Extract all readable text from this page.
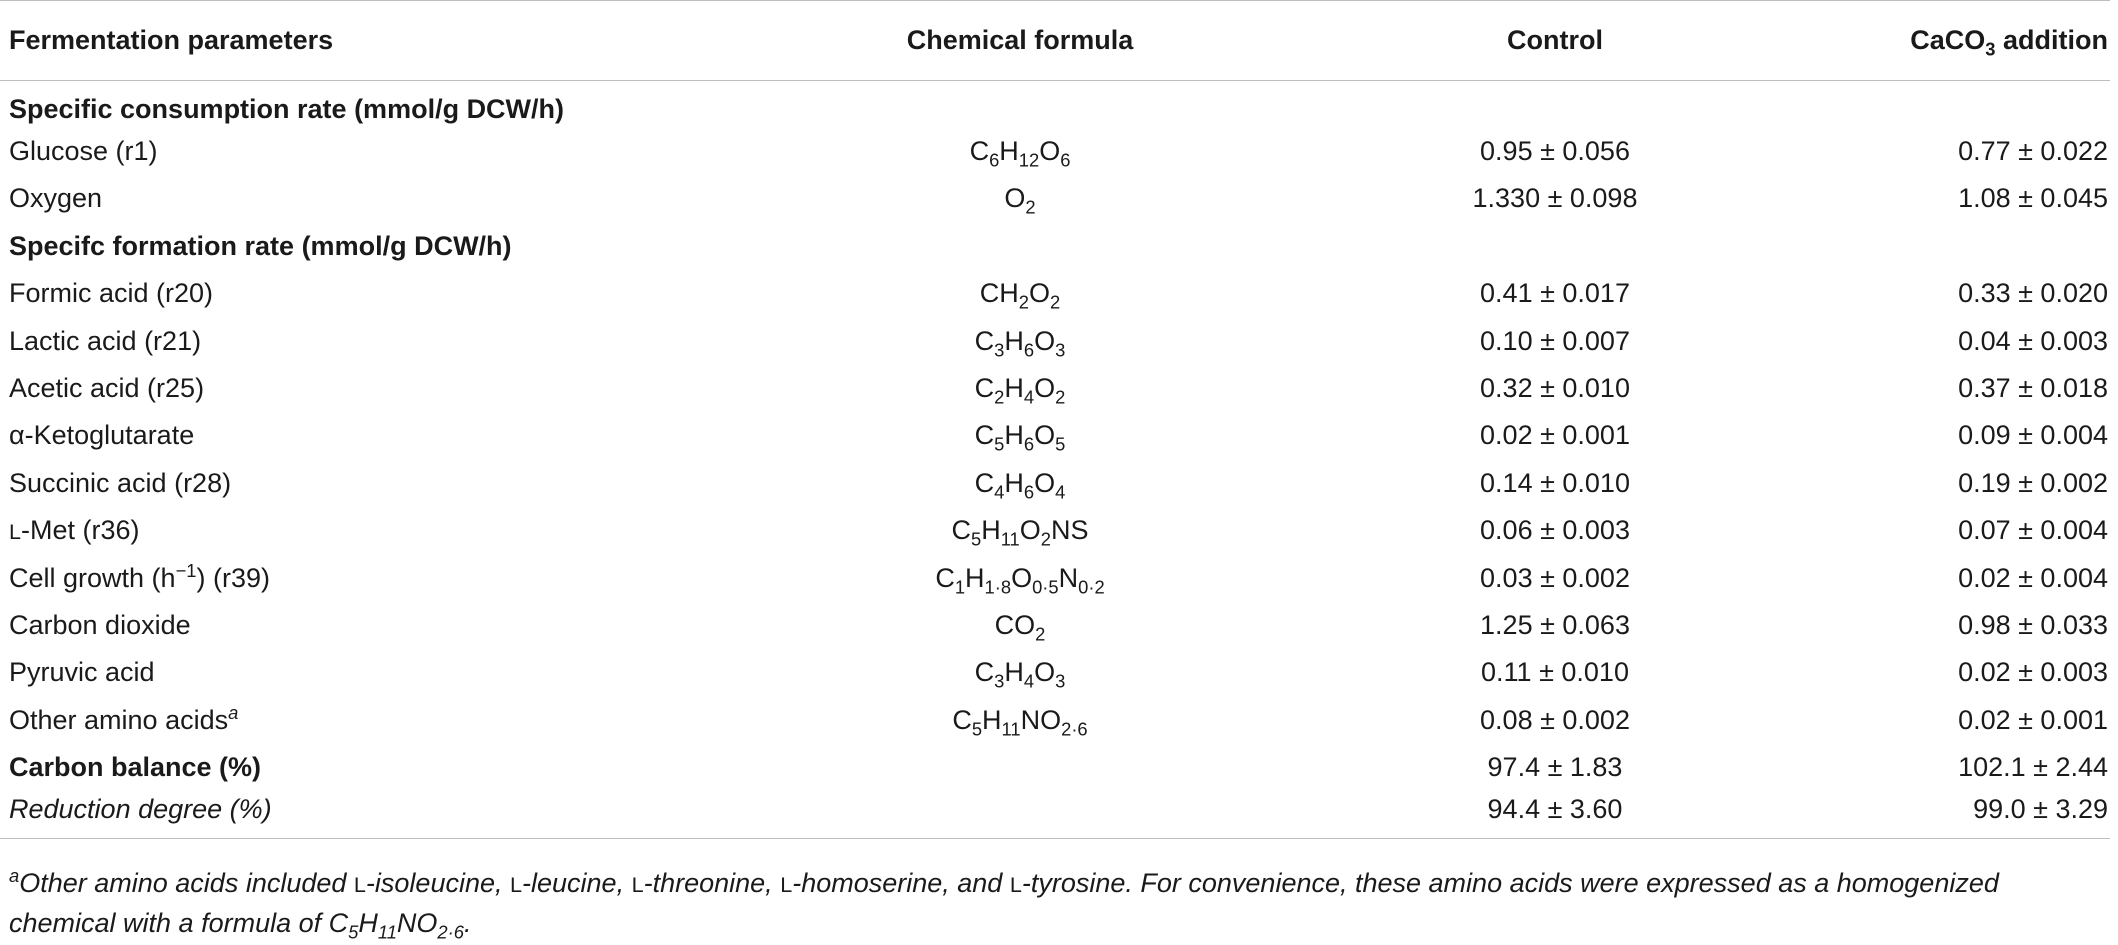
Fermentation parameters	Chemical formula	Control	CaCO$_3$ addition
Specific consumption rate (mmol/g DCW/h)			
Glucose (r1)	$C_6H_{12}O_6$	0.95 ± 0.056	0.77 ± 0.022
Oxygen	$O_2$	1.330 ± 0.098	1.08 ± 0.045
Specifc formation rate (mmol/g DCW/h)			
Formic acid (r20)	$CH_2O_2$	0.41 ± 0.017	0.33 ± 0.020
Lactic acid (r21)	$C_3H_6O_3$	0.10 ± 0.007	0.04 ± 0.003
Acetic acid (r25)	$C_2H_4O_2$	0.32 ± 0.010	0.37 ± 0.018
α-Ketoglutarate	$C_5H_6O_5$	0.02 ± 0.001	0.09 ± 0.004
Succinic acid (r28)	$C_4H_6O_4$	0.14 ± 0.010	0.19 ± 0.002
L-Met (r36)	$C_5H_{11}O_2NS$	0.06 ± 0.003	0.07 ± 0.004
Cell growth $(h^{-1})$ (r39)	$C_1H_{1\cdot 8}O_{0\cdot 5}N_{0\cdot 2}$	0.03 ± 0.002	0.02 ± 0.004
Carbon dioxide	$CO_2$	1.25 ± 0.063	0.98 ± 0.033
Pyruvic acid	$C_3H_4O_3$	0.11 ± 0.010	0.02 ± 0.003
Other amino acids$^a$	$C_5H_{11}NO_{2\cdot 6}$	0.08 ± 0.002	0.02 ± 0.001
Carbon balance (%)		97.4 ± 1.83	102.1 ± 2.44
Reduction degree (%)		94.4 ± 3.60	99.0 ± 3.29
$^a$Other amino acids included L-isoleucine, L-leucine, L-threonine, L-homoserine, and L-tyrosine. For convenience, these amino acids were expressed as a homogenized
chemical with a formula of $C_5H_{11}NO_{2\cdot 6}$.
